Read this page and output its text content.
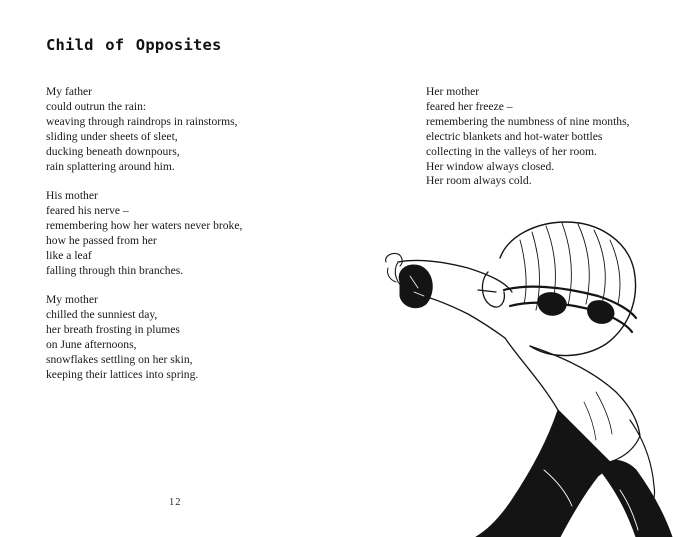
Child of Opposites

My father
could outrun the rain:
weaving through raindrops in rainstorms,
sliding under sheets of sleet,
ducking beneath downpours,
rain splattering around him.

His mother
feared his nerve –
remembering how her waters never broke,
how he passed from her
like a leaf
falling through thin branches.

My mother
chilled the sunniest day,
her breath frosting in plumes
on June afternoons,
snowflakes settling on her skin,
keeping their lattices into spring.

Her mother
feared her freeze –
remembering the numbness of nine months,
electric blankets and hot-water bottles
collecting in the valleys of her room.
Her window always closed.
Her room always cold.

12
